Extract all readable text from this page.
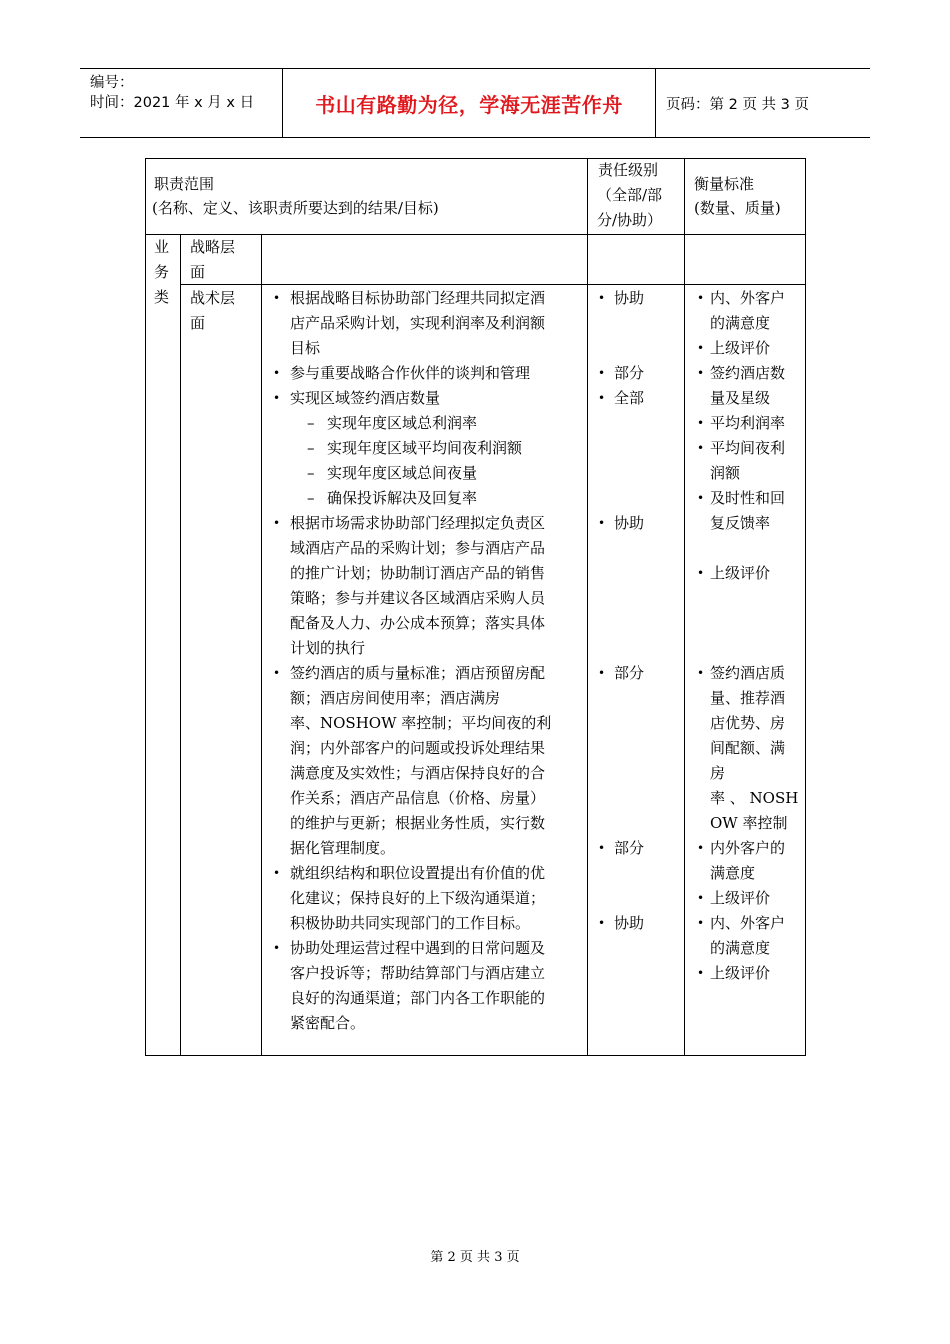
编号：
时间：2021 年 x 月 x 日	书山有路勤为径，学海无涯苦作舟	页码：第 2 页 共 3 页
职责范围
(名称、定义、该职责所要达到的结果/目标)
责任级别
（全部/部
分/协助）
衡量标准
(数量、质量)
业
务
类
战略层
面
战术层
面
• 根据战略目标协助部门经理共同拟定酒
店产品采购计划，实现利润率及利润额
目标
• 参与重要战略合作伙伴的谈判和管理
• 实现区域签约酒店数量
– 实现年度区域总利润率
– 实现年度区域平均间夜利润额
– 实现年度区域总间夜量
– 确保投诉解决及回复率
• 根据市场需求协助部门经理拟定负责区
域酒店产品的采购计划；参与酒店产品
的推广计划；协助制订酒店产品的销售
策略；参与并建议各区域酒店采购人员
配备及人力、办公成本预算；落实具体
计划的执行
• 签约酒店的质与量标准；酒店预留房配
额；酒店房间使用率；酒店满房
率、NOSHOW 率控制；平均间夜的利
润；内外部客户的问题或投诉处理结果
满意度及实效性；与酒店保持良好的合
作关系；酒店产品信息（价格、房量）
的维护与更新；根据业务性质，实行数
据化管理制度。
• 就组织结构和职位设置提出有价值的优
化建议；保持良好的上下级沟通渠道；
积极协助共同实现部门的工作目标。
• 协助处理运营过程中遇到的日常问题及
客户投诉等；帮助结算部门与酒店建立
良好的沟通渠道；部门内各工作职能的
紧密配合。
• 协助
• 部分
• 全部
• 协助
• 部分
• 部分
• 协助
• 内、外客户
的满意度
• 上级评价
• 签约酒店数
量及星级
• 平均利润率
• 平均间夜利
润额
• 及时性和回
复反馈率
• 上级评价
• 签约酒店质
量、推荐酒
店优势、房
间配额、满
房
率 、 NOSH
OW 率控制
• 内外客户的
满意度
• 上级评价
• 内、外客户
的满意度
• 上级评价
第 2 页 共 3 页
